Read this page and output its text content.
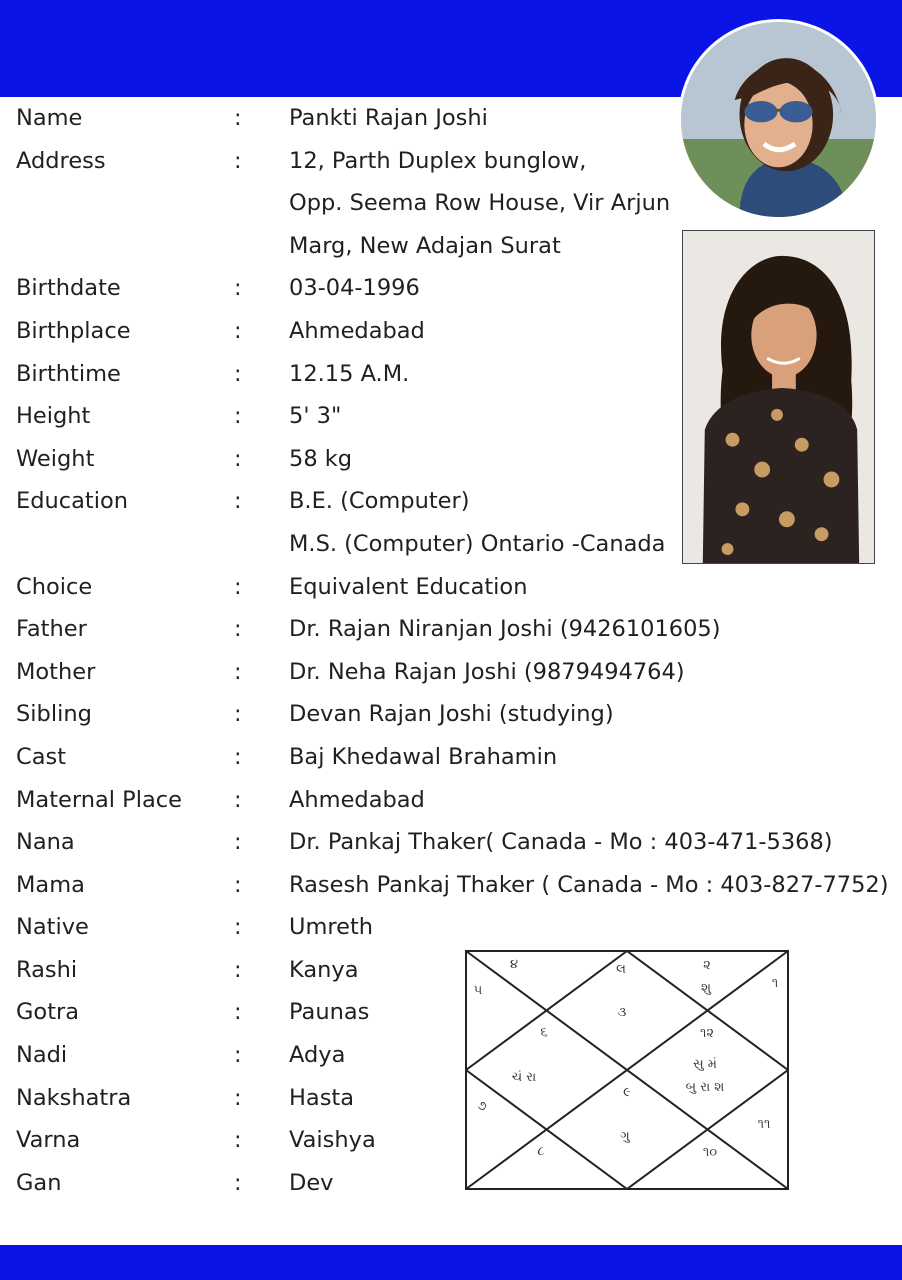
Name	: Pankti Rajan Joshi
Address	: 12, Parth Duplex bunglow,
Opp. Seema Row House, Vir Arjun
Marg, New Adajan Surat
Birthdate	: 03-04-1996
Birthplace	: Ahmedabad
Birthtime	: 12.15 A.M.
Height	: 5' 3"
Weight	: 58 kg
Education	: B.E. (Computer)
M.S. (Computer) Ontario -Canada
Choice	: Equivalent Education
Father	: Dr. Rajan Niranjan Joshi (9426101605)
Mother	: Dr. Neha Rajan Joshi (9879494764)
Sibling	: Devan Rajan Joshi (studying)
Cast	: Baj Khedawal Brahamin
Maternal Place : Ahmedabad
Nana	: Dr. Pankaj Thaker( Canada - Mo : 403-471-5368)
Mama	: Rasesh Pankaj Thaker ( Canada - Mo : 403-827-7752)
Native	: Umreth
Rashi	: Kanya
Gotra	: Paunas
Nadi	: Adya
Nakshatra	: Hasta
Varna	: Vaishya
Gan	: Dev
૪
૫
૬
ચં રા
૭
૮
૯
ગુ
૧૦
૧૧
૧૨
સુ મં
બુ રા શ
૩
લ	૨
શુ	૧
